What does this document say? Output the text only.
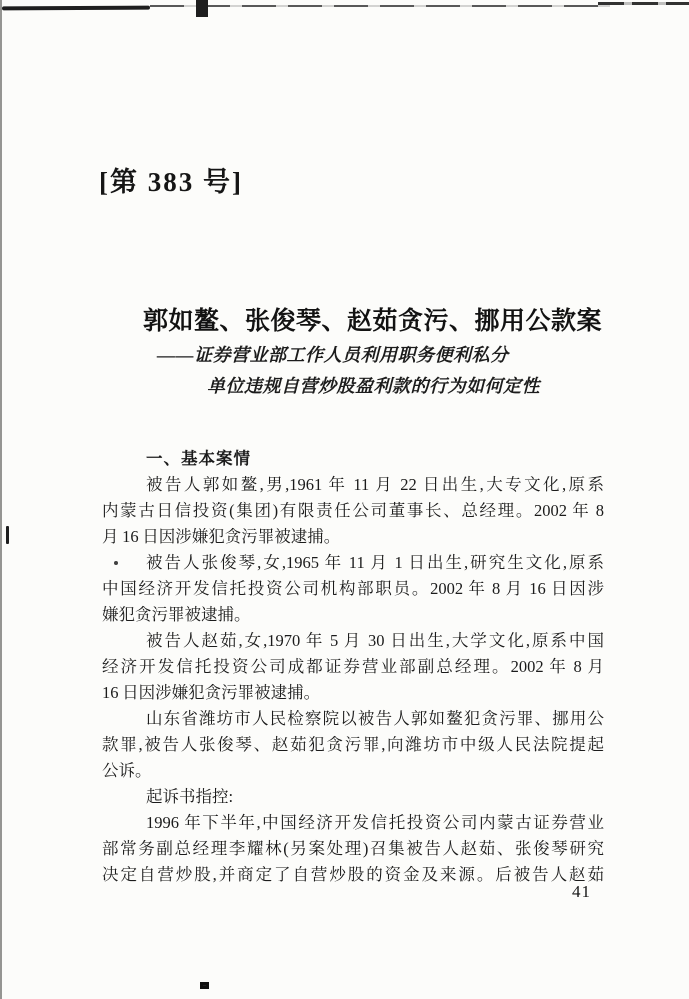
[第 383 号]
郭如鳌、张俊琴、赵茹贪污、挪用公款案
——证券营业部工作人员利用职务便利私分
单位违规自营炒股盈利款的行为如何定性
一、基本案情
被告人郭如鳌,男,1961 年 11 月 22 日出生,大专文化,原系
内蒙古日信投资(集团)有限责任公司董事长、总经理。2002 年 8
月 16 日因涉嫌犯贪污罪被逮捕。
被告人张俊琴,女,1965 年 11 月 1 日出生,研究生文化,原系
中国经济开发信托投资公司机构部职员。2002 年 8 月 16 日因涉
嫌犯贪污罪被逮捕。
被告人赵茹,女,1970 年 5 月 30 日出生,大学文化,原系中国
经济开发信托投资公司成都证券营业部副总经理。2002 年 8 月
16 日因涉嫌犯贪污罪被逮捕。
山东省潍坊市人民检察院以被告人郭如鳌犯贪污罪、挪用公
款罪,被告人张俊琴、赵茹犯贪污罪,向潍坊市中级人民法院提起
公诉。
起诉书指控:
1996 年下半年,中国经济开发信托投资公司内蒙古证券营业
部常务副总经理李耀林(另案处理)召集被告人赵茹、张俊琴研究
决定自营炒股,并商定了自营炒股的资金及来源。后被告人赵茹
41
